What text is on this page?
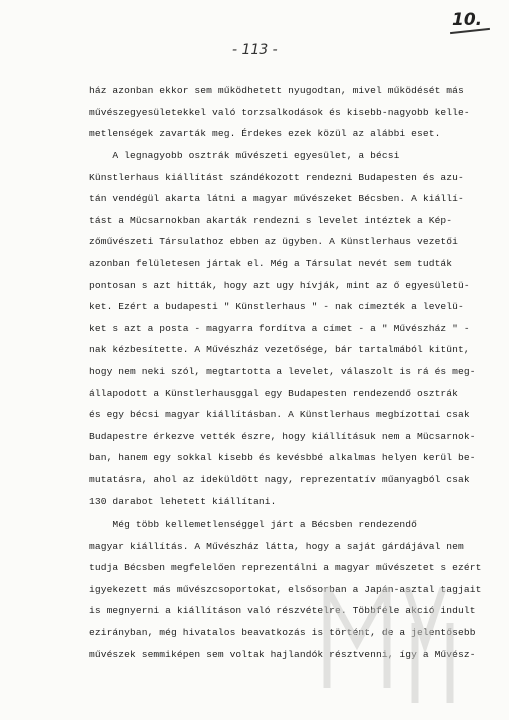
10.
- 113 -
ház azonban ekkor sem működhetett nyugodtan, mivel működését más
művészegyesületekkel való torzsalkodások és kisebb-nagyobb kelle-
metlenségek zavarták meg. Érdekes ezek közül az alábbi eset.
A legnagyobb osztrák művészeti egyesület, a bécsi
Künstlerhaus kiállítást szándékozott rendezni Budapesten és azu-
tán vendégül akarta látni a magyar művészeket Bécsben. A kiállí-
tást a Mücsarnokban akarták rendezni s levelet intéztek a Kép-
zőművészeti Társulathoz ebben az ügyben. A Künstlerhaus vezetői
azonban felületesen jártak el. Még a Társulat nevét sem tudták
pontosan s azt hitták, hogy azt ugy hívják, mint az ő egyesületü-
ket. Ezért a budapesti " Künstlerhaus " - nak címezték a levelü-
ket s azt a posta - magyarra fordítva a címet - a " Művészház " -
nak kézbesítette. A Művészház vezetősége, bár tartalmából kitünt,
hogy nem neki szól, megtartotta a levelet, válaszolt is rá és meg-
állapodott a Künstlerhausggal egy Budapesten rendezendő osztrák
és egy bécsi magyar kiállításban. A Künstlerhaus megbízottai csak
Budapestre érkezve vették észre, hogy kiállításuk nem a Mücsarnok-
ban, hanem egy sokkal kisebb és kevésbbé alkalmas helyen kerül be-
mutatásra, ahol az ideküldött nagy, reprezentatív műanyagból csak
130 darabot lehetett kiállítani.
Még több kellemetlenséggel járt a Bécsben rendezendő
magyar kiállítás. A Művészház látta, hogy a saját gárdájával nem
tudja Bécsben megfelelően reprezentálni a magyar művészetet s ezért
igyekezett más művészcsoportokat, elsősorban a Japán-asztal tagjait
is megnyerni a kiállításon való részvételre. Többféle akció indult
ezirányban, még hivatalos beavatkozás is történt, de a jelentősebb
művészek semmiképen sem voltak hajlandók résztvenni, így a Művész-
